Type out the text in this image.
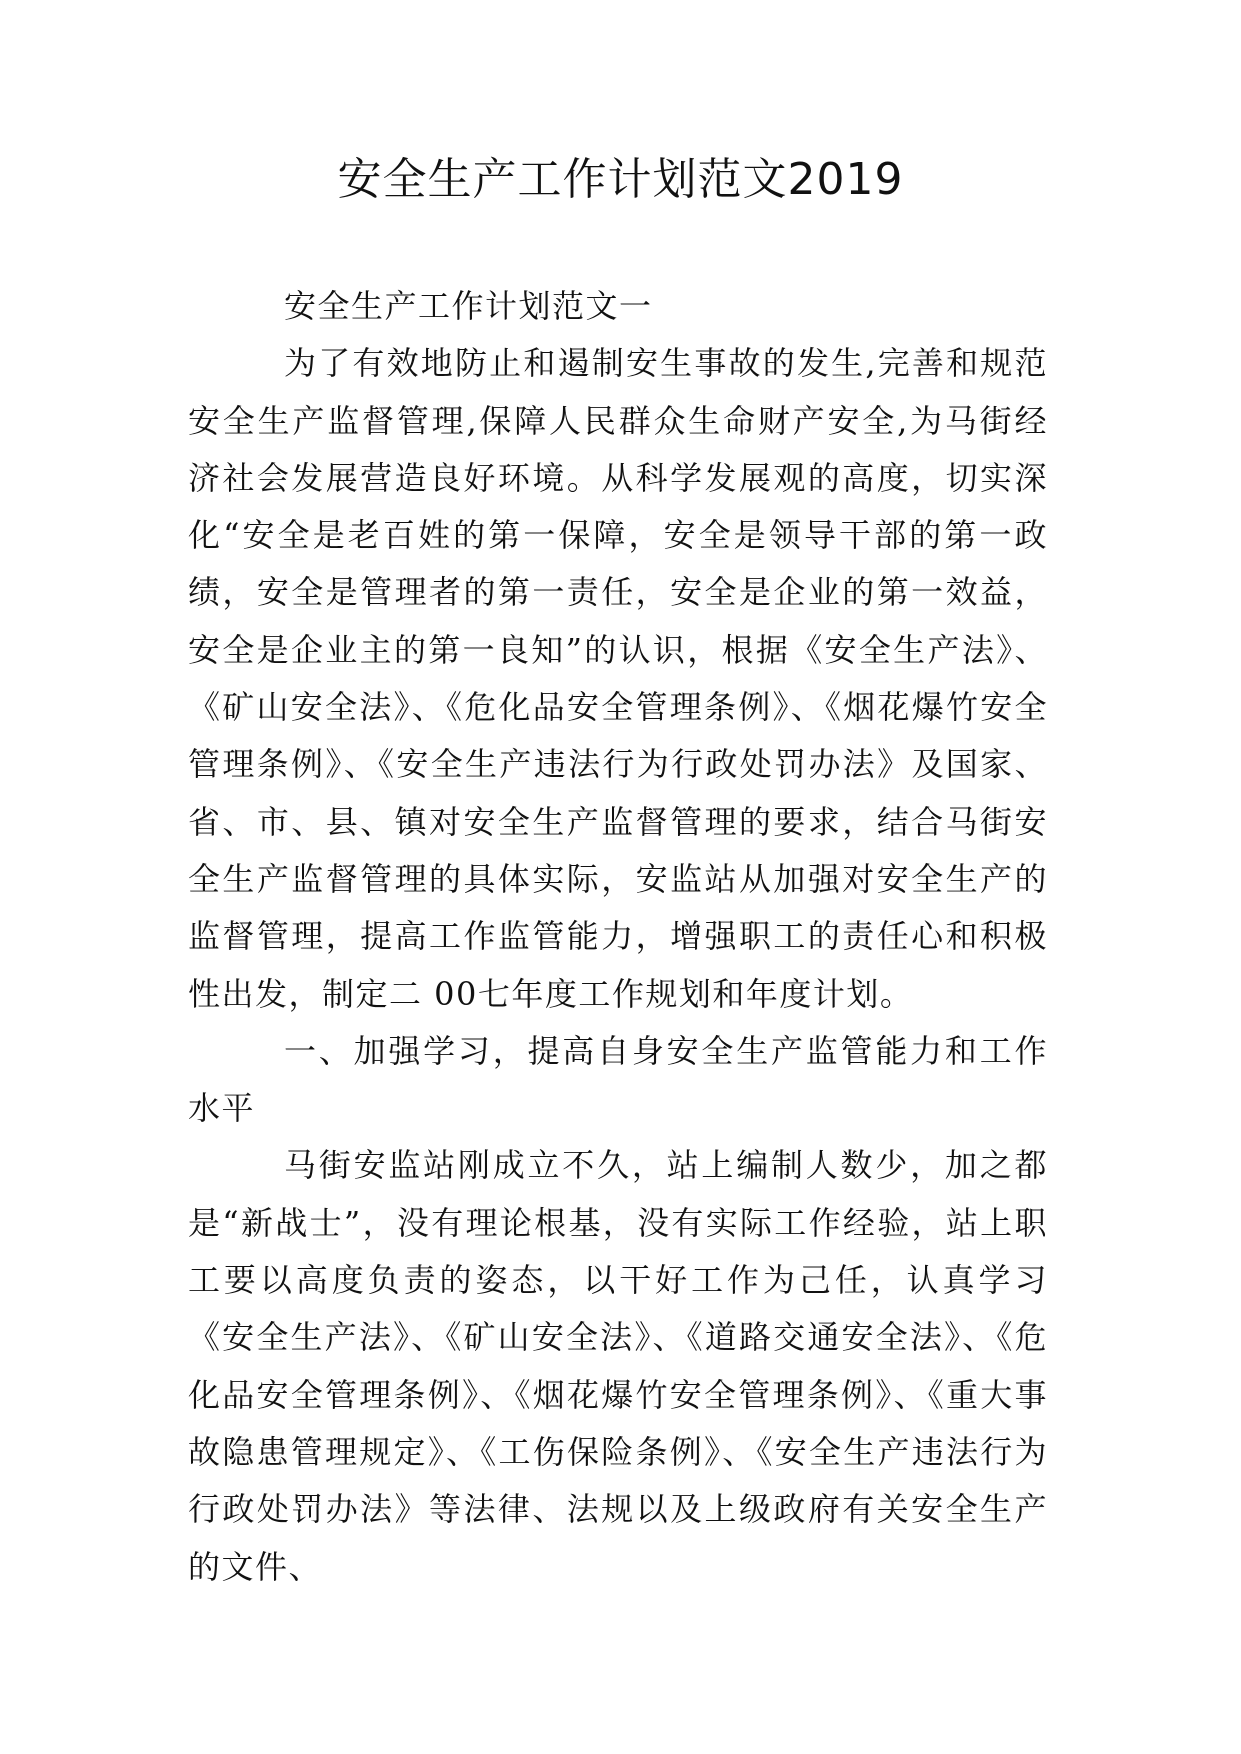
安全生产工作计划范文2019

安全生产工作计划范文一

为了有效地防止和遏制安生事故的发生,完善和规范安全生产监督管理,保障人民群众生命财产安全,为马街经济社会发展营造良好环境。从科学发展观的高度，切实深化“安全是老百姓的第一保障，安全是领导干部的第一政绩，安全是管理者的第一责任，安全是企业的第一效益，安全是企业主的第一良知”的认识，根据《安全生产法》、《矿山安全法》、《危化品安全管理条例》、《烟花爆竹安全管理条例》、《安全生产违法行为行政处罚办法》及国家、省、市、县、镇对安全生产监督管理的要求，结合马街安全生产监督管理的具体实际，安监站从加强对安全生产的监督管理，提高工作监管能力，增强职工的责任心和积极性出发，制定二 00七年度工作规划和年度计划。

一、加强学习，提高自身安全生产监管能力和工作水平

马街安监站刚成立不久，站上编制人数少，加之都是“新战士”，没有理论根基，没有实际工作经验，站上职工要以高度负责的姿态，以干好工作为己任，认真学习《安全生产法》、《矿山安全法》、《道路交通安全法》、《危化品安全管理条例》、《烟花爆竹安全管理条例》、《重大事故隐患管理规定》、《工伤保险条例》、《安全生产违法行为行政处罚办法》等法律、法规以及上级政府有关安全生产的文件、
